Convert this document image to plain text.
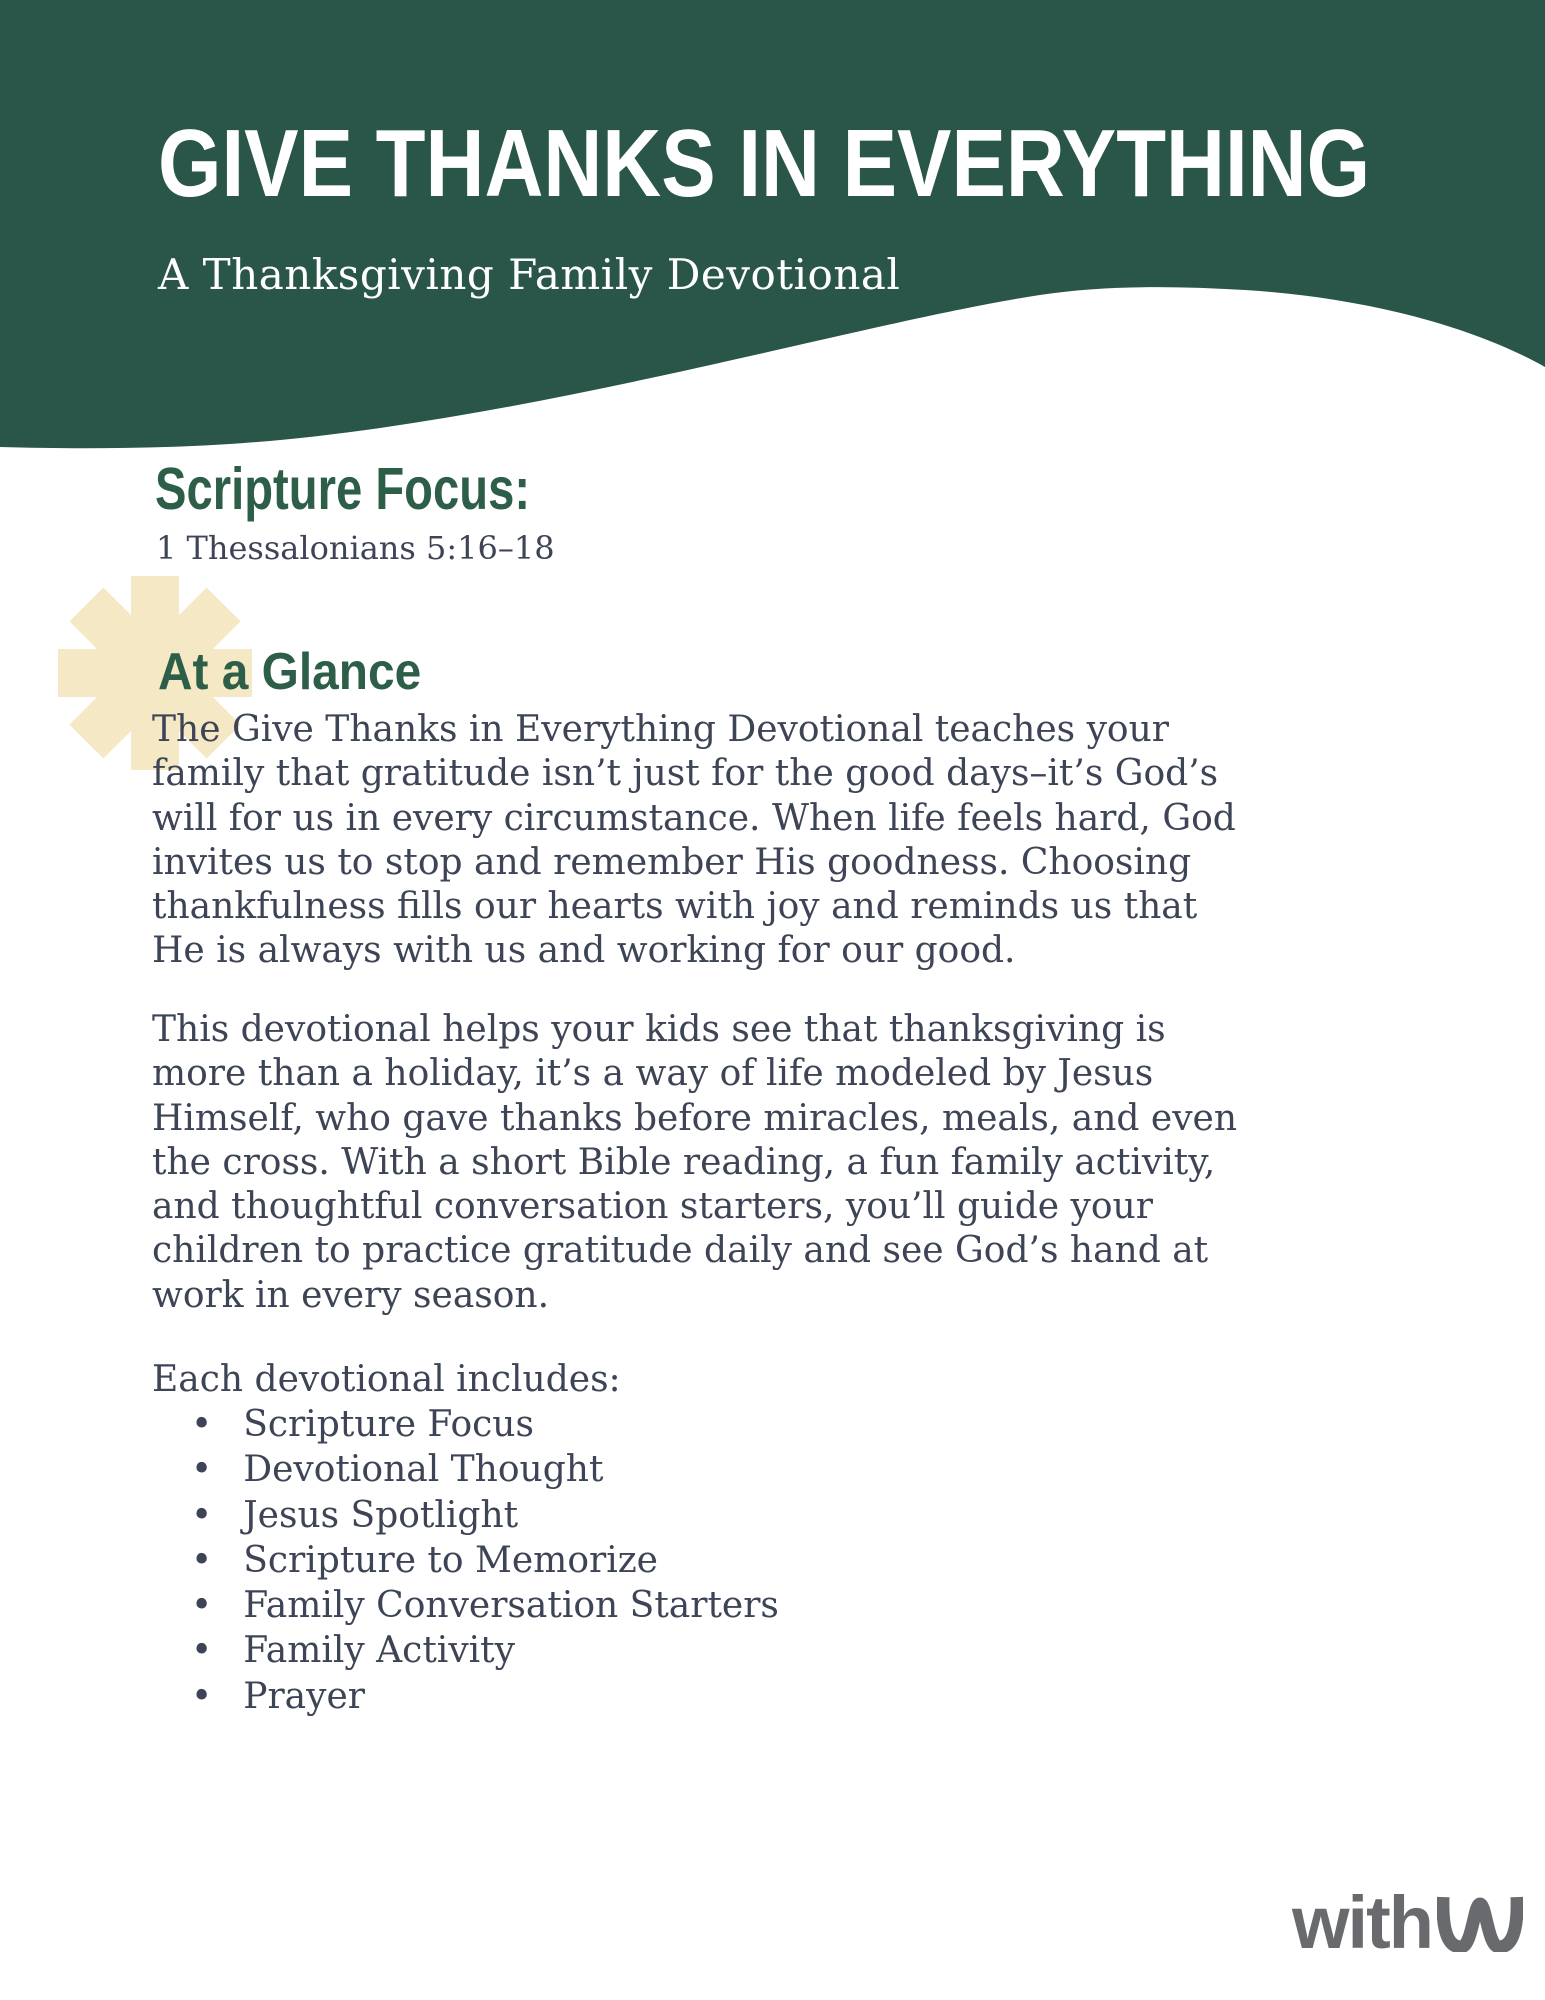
GIVE THANKS IN EVERYTHING
A Thanksgiving Family Devotional
Scripture Focus:
1 Thessalonians 5:16–18
At a Glance
The Give Thanks in Everything Devotional teaches your
family that gratitude isn’t just for the good days–it’s God’s
will for us in every circumstance. When life feels hard, God
invites us to stop and remember His goodness. Choosing
thankfulness fills our hearts with joy and reminds us that
He is always with us and working for our good.
This devotional helps your kids see that thanksgiving is
more than a holiday, it’s a way of life modeled by Jesus
Himself, who gave thanks before miracles, meals, and even
the cross. With a short Bible reading, a fun family activity,
and thoughtful conversation starters, you’ll guide your
children to practice gratitude daily and see God’s hand at
work in every season.
Each devotional includes:
• Scripture Focus
• Devotional Thought
• Jesus Spotlight
• Scripture to Memorize
• Family Conversation Starters
• Family Activity
• Prayer
with
